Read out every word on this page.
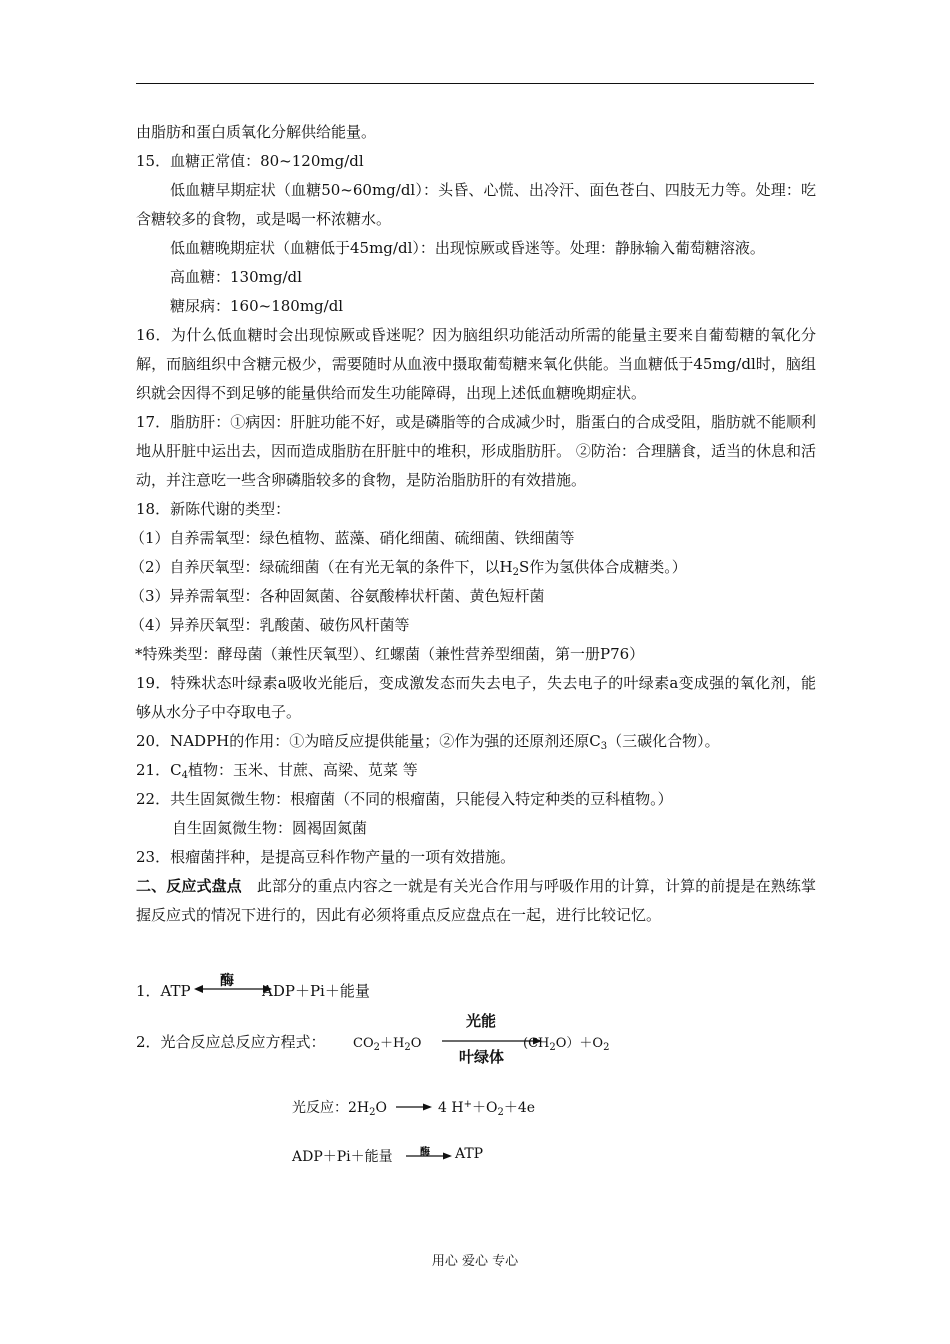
由脂肪和蛋白质氧化分解供给能量。

15．血糖正常值：80~120mg/dl

低血糖早期症状（血糖50~60mg/dl）：头昏、心慌、出冷汗、面色苍白、四肢无力等。处理：吃含糖较多的食物，或是喝一杯浓糖水。

低血糖晚期症状（血糖低于45mg/dl）：出现惊厥或昏迷等。处理：静脉输入葡萄糖溶液。

高血糖：130mg/dl

糖尿病：160~180mg/dl

16．为什么低血糖时会出现惊厥或昏迷呢？因为脑组织功能活动所需的能量主要来自葡萄糖的氧化分解，而脑组织中含糖元极少，需要随时从血液中摄取葡萄糖来氧化供能。当血糖低于45mg/dl时，脑组织就会因得不到足够的能量供给而发生功能障碍，出现上述低血糖晚期症状。

17．脂肪肝：①病因：肝脏功能不好，或是磷脂等的合成减少时，脂蛋白的合成受阻，脂肪就不能顺利地从肝脏中运出去，因而造成脂肪在肝脏中的堆积，形成脂肪肝。 ②防治：合理膳食，适当的休息和活动，并注意吃一些含卵磷脂较多的食物，是防治脂肪肝的有效措施。

18．新陈代谢的类型：

（1）自养需氧型：绿色植物、蓝藻、硝化细菌、硫细菌、铁细菌等

（2）自养厌氧型：绿硫细菌（在有光无氧的条件下，以$H_2S$作为氢供体合成糖类。）

（3）异养需氧型：各种固氮菌、谷氨酸棒状杆菌、黄色短杆菌

（4）异养厌氧型：乳酸菌、破伤风杆菌等

*特殊类型：酵母菌（兼性厌氧型）、红螺菌（兼性营养型细菌，第一册P76）

19．特殊状态叶绿素a吸收光能后，变成激发态而失去电子，失去电子的叶绿素a变成强的氧化剂，能够从水分子中夺取电子。

20．NADPH的作用：①为暗反应提供能量；②作为强的还原剂还原$C_3$（三碳化合物）。

21．$C_4$植物：玉米、甘蔗、高梁、苋菜 等

22．共生固氮微生物：根瘤菌（不同的根瘤菌，只能侵入特定种类的豆科植物。）

自生固氮微生物：圆褐固氮菌

23．根瘤菌拌种，是提高豆科作物产量的一项有效措施。

二、反应式盘点　此部分的重点内容之一就是有关光合作用与呼吸作用的计算，计算的前提是在熟练掌握反应式的情况下进行的，因此有必须将重点反应盘点在一起，进行比较记忆。

1．ATP
酶
ADP＋Pi＋能量
2．光合反应总反应方程式： $CO_2+H_2O$
光能
叶绿体
$(CH_2O)+O_2$
光反应：$2H_2O \to 4$ $H^++O_2+4e$
ADP＋Pi＋能量	酶 → ATP
用心 爱心 专心
